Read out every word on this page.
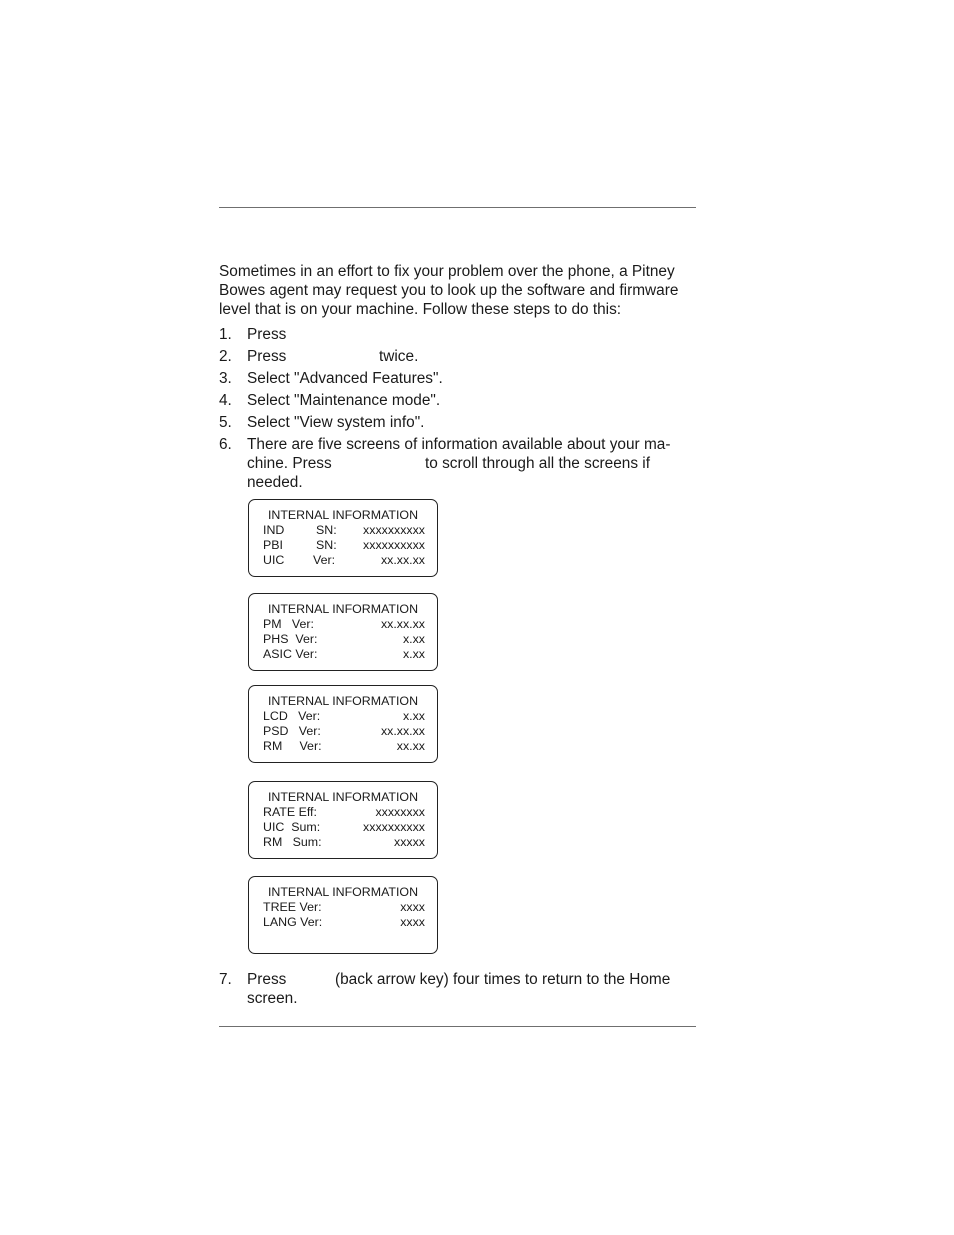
Sometimes in an effort to fix your problem over the phone, a Pitney

Bowes agent may request you to look up the software and firmware

level that is on your machine. Follow these steps to do this:

1. Press
2. Press	twice.
3. Select "Advanced Features".
4. Select "Maintenance mode".
5. Select "View system info".
6. There are five screens of information available about your ma-
chine. Press	to scroll through all the screens if
needed.
INTERNAL INFORMATION
IND	SN: xxxxxxxxxx
PBI	SN: xxxxxxxxxx
UIC Ver:	xx.xx.xx
INTERNAL INFORMATION
PM   Ver:	xx.xx.xx
PHS  Ver:	x.xx
ASIC Ver:	x.xx
INTERNAL INFORMATION
LCD   Ver:	x.xx
PSD   Ver:	xx.xx.xx
RM     Ver:	xx.xx
INTERNAL INFORMATION
RATE Eff:	xxxxxxxx
UIC  Sum:	xxxxxxxxxx
RM   Sum:	xxxxx
INTERNAL INFORMATION
TREE Ver:	xxxx
LANG Ver:	xxxx
7. Press	(back arrow key) four times to return to the Home
screen.
